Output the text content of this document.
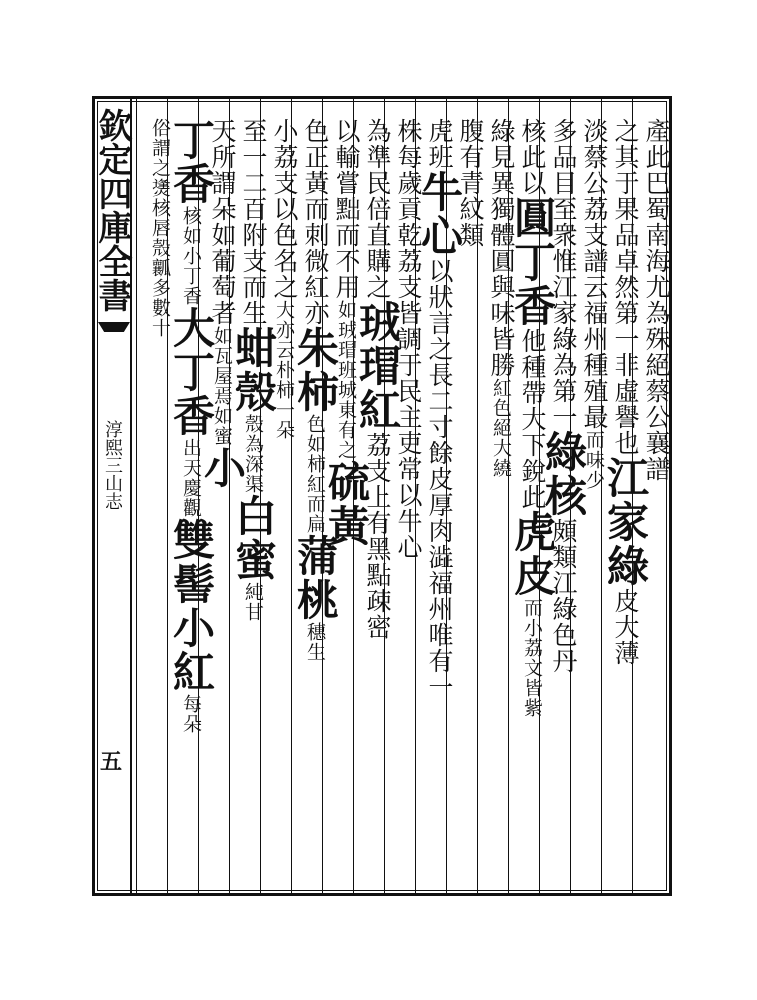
欽定四庫全書
淳熙三山志
五
產此巴蜀南海尤為殊絕蔡公襄譜
之其于果品卓然第一非虛譽也江家綠皮大薄
淡蔡公荔支譜云福州種殖最而味少
多品目至衆惟江家綠為第一綠核頗類江綠色丹
核此以圓丁香他種帶大下銳此虎皮而小荔文皆紫
綠見異獨體圓與味皆勝紅色絕大繞
腹有青紋類
虎班牛心以狀言之長二寸餘皮厚肉澁福州唯有一
株每歲貢乾荔支皆調于民主吏常以牛心
為準民倍直購之珬瑁紅荔支上有黑點疎密
以輸嘗黜而不用如珬瑁班城東有之硫黃
色正黃而刺微紅亦朱柿色如柿紅而扁蒲桃穗生
小荔支以色名之大亦云朴柿一朵
至一二百附支而生蚶殼殼為深渠白蜜純甘
天所謂朵如葡萄者如瓦屋焉如蜜小
丁香核如小丁香大丁香出天慶觀雙髻小紅每朵
俗謂之㷭核唇殼瓤多數十
